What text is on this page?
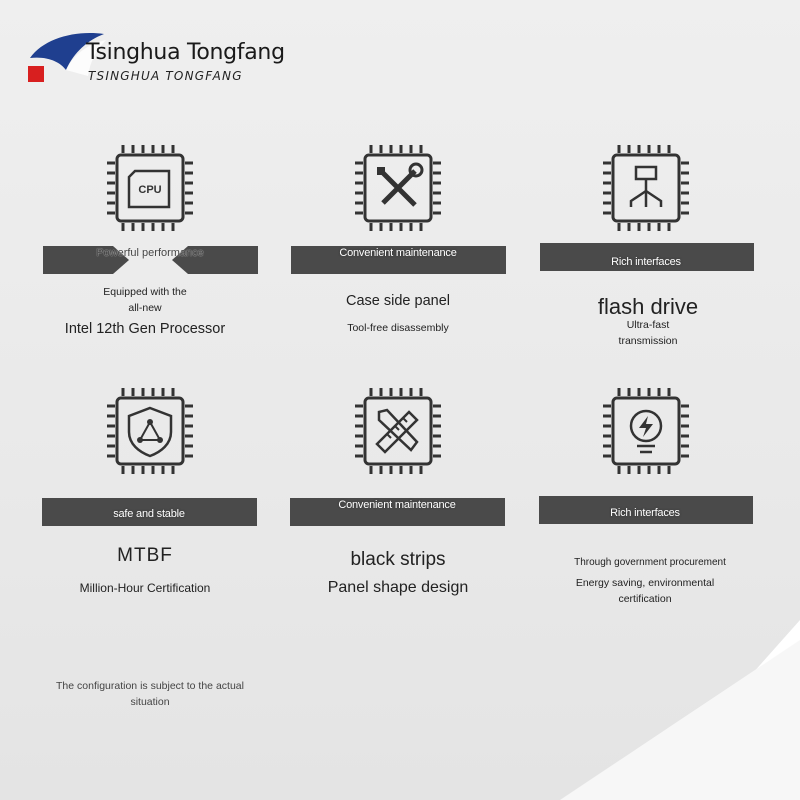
Tsinghua Tongfang
TSINGHUA TONGFANG
CPU
Powerful performance	Convenient maintenance
Rich interfaces
Equipped with the
all-new
Intel 12th Gen Processor
Case side panel
Tool-free disassembly
flash drive
Ultra-fast
transmission
safe and stable
Convenient maintenance
Rich interfaces
MTBF
Million-Hour Certification
black strips
Panel shape design
Through government procurement
Energy saving, environmental
certification
The configuration is subject to the actual
situation
